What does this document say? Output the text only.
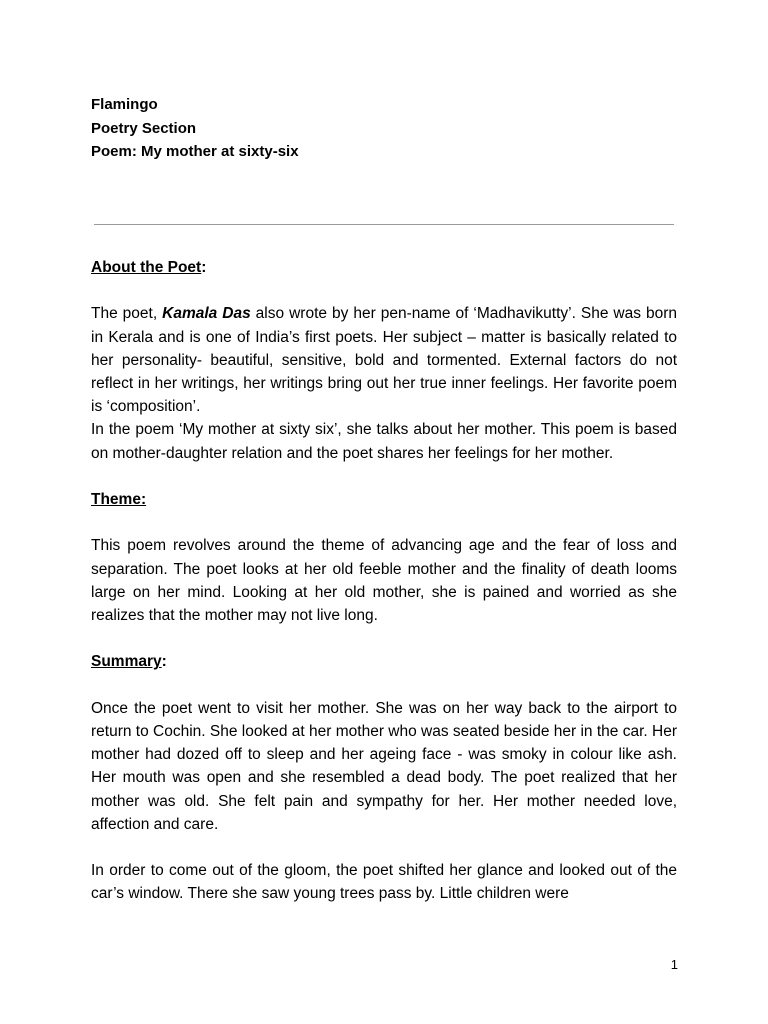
Flamingo
Poetry Section
Poem: My mother at sixty-six

About the Poet:

The poet, Kamala Das also wrote by her pen-name of ‘Madhavikutty’. She was born in Kerala and is one of India’s first poets. Her subject – matter is basically related to her personality- beautiful, sensitive, bold and tormented. External factors do not reflect in her writings, her writings bring out her true inner feelings. Her favorite poem is ‘composition’.

In the poem ‘My mother at sixty six’, she talks about her mother. This poem is based on mother-daughter relation and the poet shares her feelings for her mother.

Theme:

This poem revolves around the theme of advancing age and the fear of loss and separation. The poet looks at her old feeble mother and the finality of death looms large on her mind. Looking at her old mother, she is pained and worried as she realizes that the mother may not live long.

Summary:

Once the poet went to visit her mother. She was on her way back to the airport to return to Cochin. She looked at her mother who was seated beside her in the car. Her mother had dozed off to sleep and her ageing face - was smoky in colour like ash. Her mouth was open and she resembled a dead body. The poet realized that her mother was old. She felt pain and sympathy for her. Her mother needed love, affection and care.

In order to come out of the gloom, the poet shifted her glance and looked out of the car’s window. There she saw young trees pass by. Little children were

1
